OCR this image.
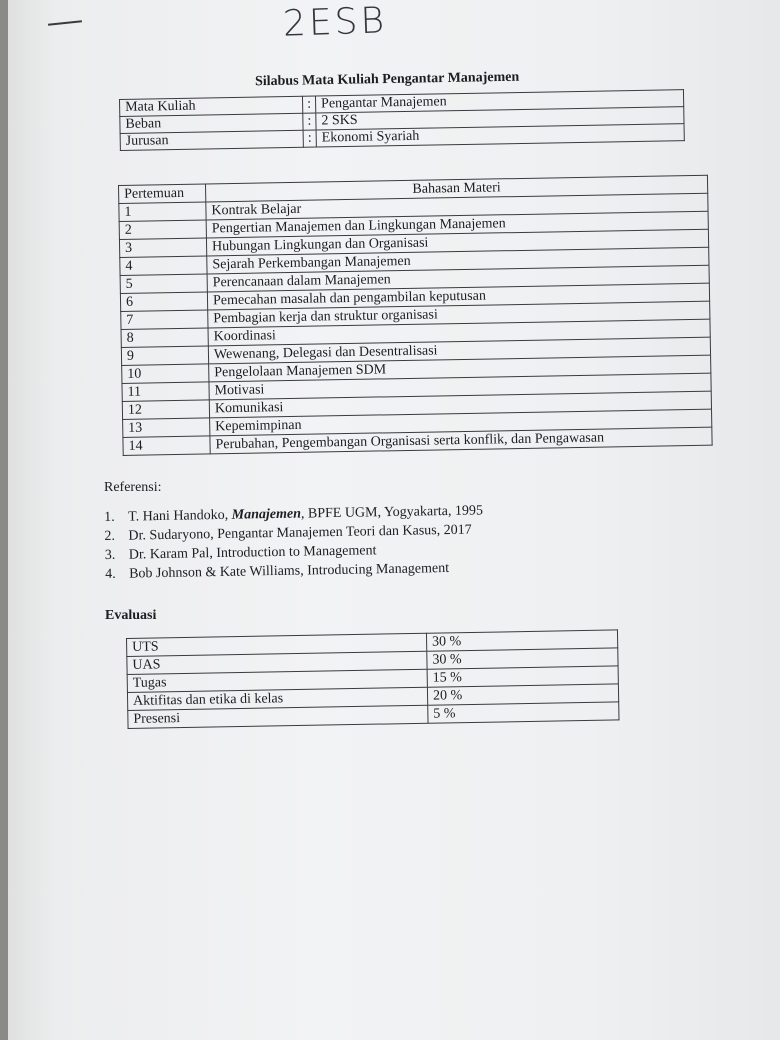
2ESB
Silabus Mata Kuliah Pengantar Manajemen
Mata Kuliah	:	Pengantar Manajemen
Beban	:	2 SKS
Jurusan	:	Ekonomi Syariah
Pertemuan	Bahasan Materi
1	Kontrak Belajar
2	Pengertian Manajemen dan Lingkungan Manajemen
3	Hubungan Lingkungan dan Organisasi
4	Sejarah Perkembangan Manajemen
5	Perencanaan dalam Manajemen
6	Pemecahan masalah dan pengambilan keputusan
7	Pembagian kerja dan struktur organisasi
8	Koordinasi
9	Wewenang, Delegasi dan Desentralisasi
10	Pengelolaan Manajemen SDM
11	Motivasi
12	Komunikasi
13	Kepemimpinan
14	Perubahan, Pengembangan Organisasi serta konflik, dan Pengawasan
Referensi:
1. T. Hani Handoko, Manajemen, BPFE UGM, Yogyakarta, 1995
2. Dr. Sudaryono, Pengantar Manajemen Teori dan Kasus, 2017
3. Dr. Karam Pal, Introduction to Management
4. Bob Johnson & Kate Williams, Introducing Management
Evaluasi
UTS	30 %
UAS	30 %
Tugas	15 %
Aktifitas dan etika di kelas	20 %
Presensi	5 %
